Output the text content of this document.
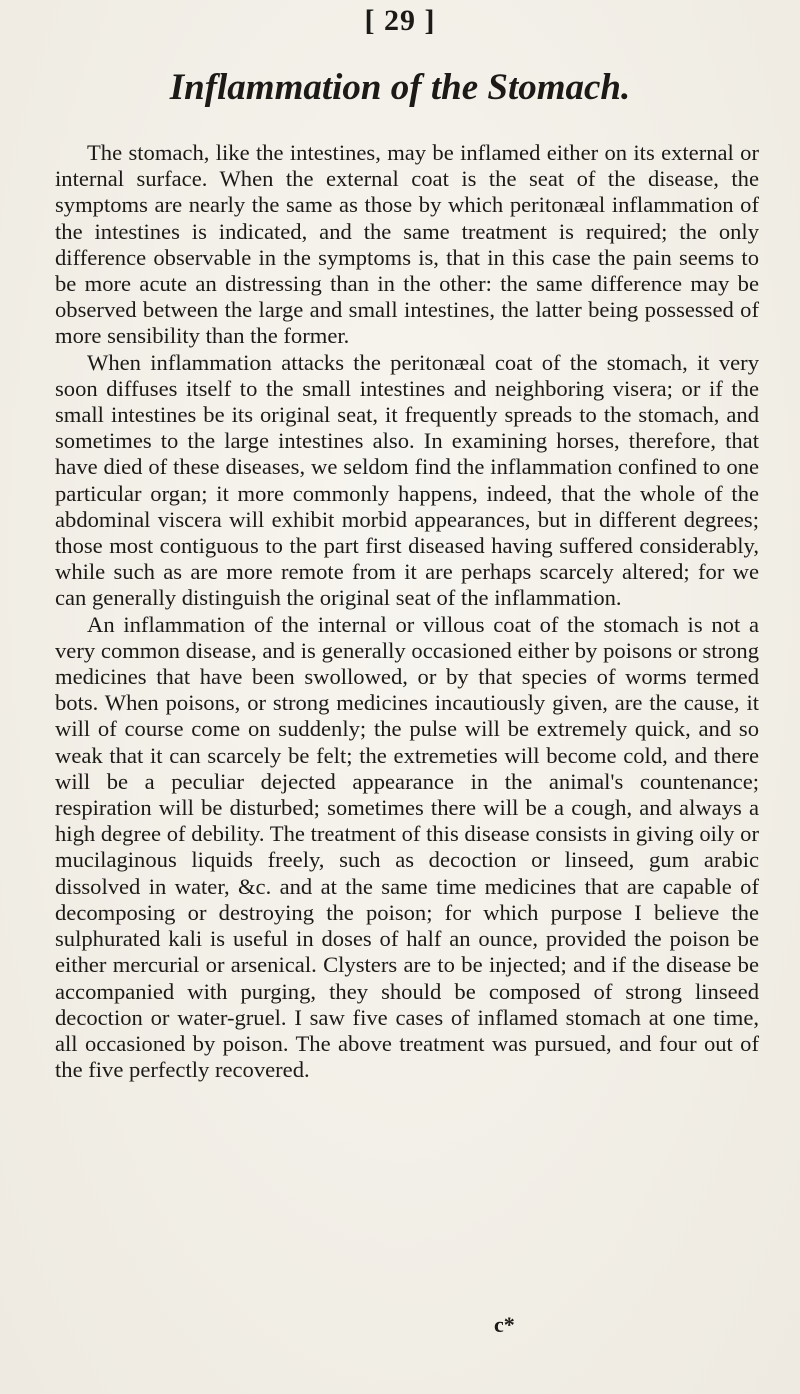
[ 29 ]
Inflammation of the Stomach.

The stomach, like the intestines, may be inflamed either on its external or internal surface. When the external coat is the seat of the disease, the symptoms are nearly the same as those by which peritonæal inflammation of the intestines is indicated, and the same treatment is required; the only difference observable in the symptoms is, that in this case the pain seems to be more acute an distressing than in the other: the same difference may be observed between the large and small intestines, the latter being possessed of more sensibility than the former.

When inflammation attacks the peritonæal coat of the stomach, it very soon diffuses itself to the small intestines and neighboring visera; or if the small intestines be its original seat, it frequently spreads to the stomach, and sometimes to the large intestines also. In examining horses, therefore, that have died of these diseases, we seldom find the inflammation confined to one particular organ; it more commonly happens, indeed, that the whole of the abdominal viscera will exhibit morbid appearances, but in different degrees; those most contiguous to the part first diseased having suffered considerably, while such as are more remote from it are perhaps scarcely altered; for we can generally distinguish the original seat of the inflammation.

An inflammation of the internal or villous coat of the stomach is not a very common disease, and is generally occasioned either by poisons or strong medicines that have been swollowed, or by that species of worms termed bots. When poisons, or strong medicines incautiously given, are the cause, it will of course come on suddenly; the pulse will be extremely quick, and so weak that it can scarcely be felt; the extremeties will become cold, and there will be a peculiar dejected appearance in the animal's countenance; respiration will be disturbed; sometimes there will be a cough, and always a high degree of debility. The treatment of this disease consists in giving oily or mucilaginous liquids freely, such as decoction or linseed, gum arabic dissolved in water, &c. and at the same time medicines that are capable of decomposing or destroying the poison; for which purpose I believe the sulphurated kali is useful in doses of half an ounce, provided the poison be either mercurial or arsenical. Clysters are to be injected; and if the disease be accompanied with purging, they should be composed of strong linseed decoction or water-gruel. I saw five cases of inflamed stomach at one time, all occasioned by poison. The above treatment was pursued, and four out of the five perfectly recovered.

c*
